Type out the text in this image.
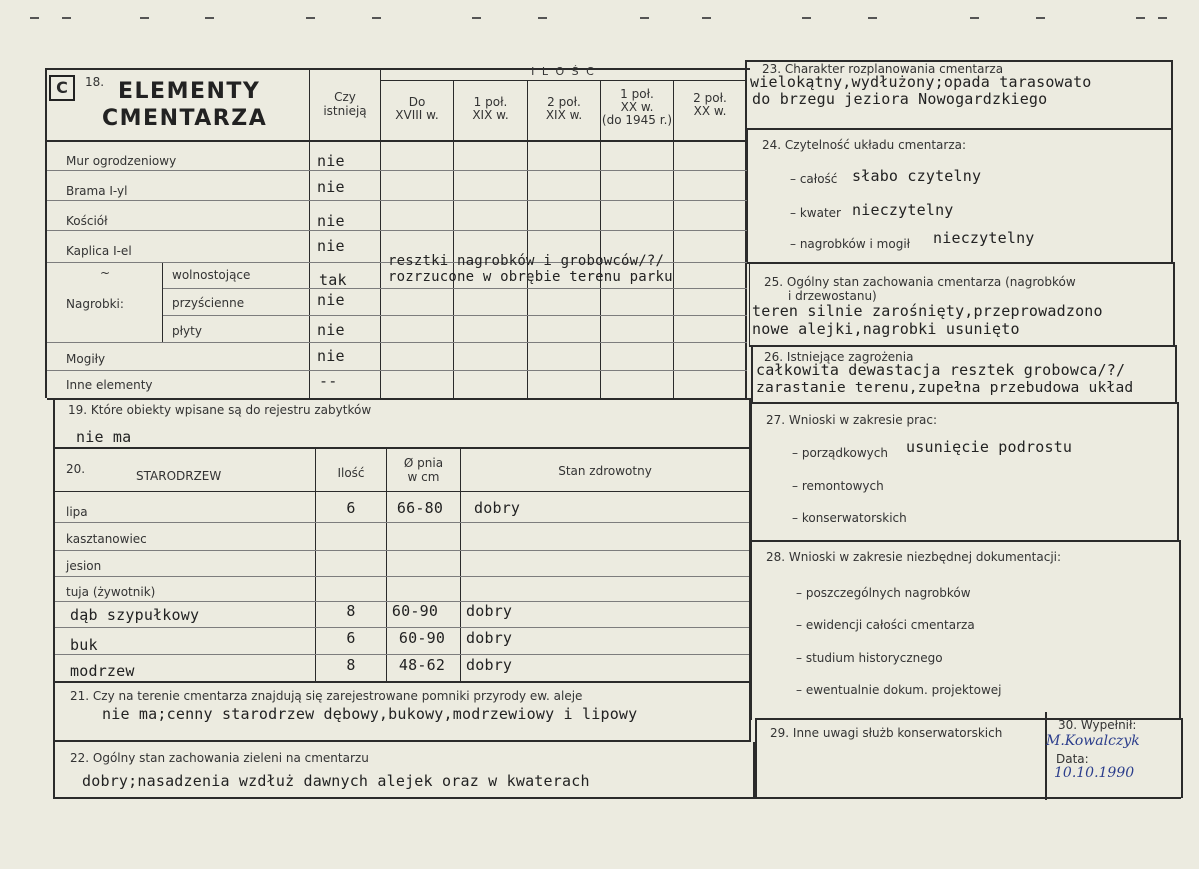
C	18. ELEMENTY
CMENTARZA
Czy
istnieją
I L O Ś C
Do
XVIII w.
1 poł.
XIX w.
2 poł.
XIX w.
1 poł.
XX w.
(do 1945 r.)
2 poł.
XX w.
Mur ogrodzeniowy	nie
Brama I-yl	nie
Kościół	nie
Kaplica I-el	nie
Nagrobki:
~	wolnostojące	tak
przyścienne	nie
płyty	nie
Mogiły	nie
Inne elementy	--
resztki nagrobków i grobowców/?/
rozrzucone w obrębie terenu parku
19. Które obiekty wpisane są do rejestru zabytków
nie ma
20.	STARODRZEW	Ilość
Ø pnia
w cm	Stan zdrowotny
lipa	6	66-80	dobry
kasztanowiec
jesion
tuja (żywotnik)
dąb szypułkowy	8	60-90	dobry
buk	6	60-90	dobry
modrzew	8	48-62	dobry
21. Czy na terenie cmentarza znajdują się zarejestrowane pomniki przyrody ew. aleje
nie ma;cenny starodrzew dębowy,bukowy,modrzewiowy i lipowy
22. Ogólny stan zachowania zieleni na cmentarzu
dobry;nasadzenia wzdłuż dawnych alejek oraz w kwaterach
23. Charakter rozplanowania cmentarza
wielokątny,wydłużony;opada tarasowato
do brzegu jeziora Nowogardzkiego
24. Czytelność układu cmentarza:
– całość słabo czytelny
– kwater nieczytelny
– nagrobków i mogił nieczytelny
25. Ogólny stan zachowania cmentarza (nagrobków
i drzewostanu)
teren silnie zarośnięty,przeprowadzono
nowe alejki,nagrobki usunięto
26. Istniejące zagrożenia
całkowita dewastacja resztek grobowca/?/
zarastanie terenu,zupełna przebudowa układ
27. Wnioski w zakresie prac:
– porządkowych usunięcie podrostu
– remontowych
– konserwatorskich
28. Wnioski w zakresie niezbędnej dokumentacji:
– poszczególnych nagrobków
– ewidencji całości cmentarza
– studium historycznego
– ewentualnie dokum. projektowej
29. Inne uwagi służb konserwatorskich
30. Wypełnił:
M.Kowalczyk
Data:
10.10.1990
